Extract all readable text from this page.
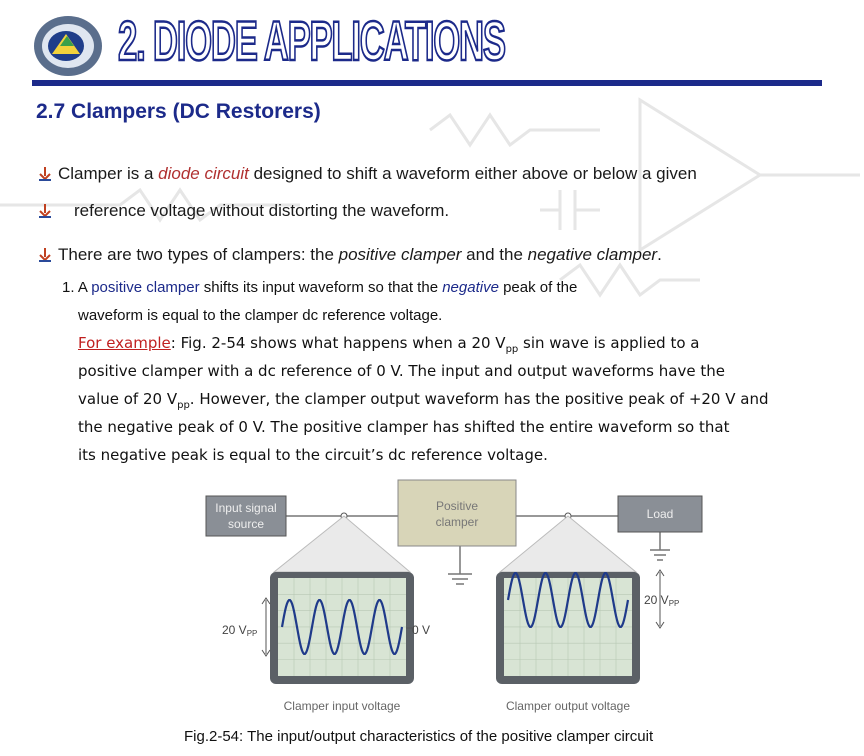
2. DIODE APPLICATIONS
2.7 Clampers (DC Restorers)
Clamper is a diode circuit designed to shift a waveform either above or below a given
reference voltage without distorting the waveform.
There are two types of clampers: the positive clamper and the negative clamper.
1. A positive clamper shifts its input waveform so that the negative peak of the
waveform is equal to the clamper dc reference voltage.
For example: Fig. 2-54 shows what happens when a 20 $V_{pp}$ sin wave is applied to a
positive clamper with a dc reference of 0 V. The input and output waveforms have the
value of 20 $V_{pp}$. However, the clamper output waveform has the positive peak of +20 V and
the negative peak of 0 V. The positive clamper has shifted the entire waveform so that
its negative peak is equal to the circuit’s dc reference voltage.
Input signal
source
Positive
clamper
Load
0 V
20 VPP
20 VPP
Clamper input voltage	Clamper output voltage
Fig.2-54: The input/output characteristics of the positive clamper circuit
